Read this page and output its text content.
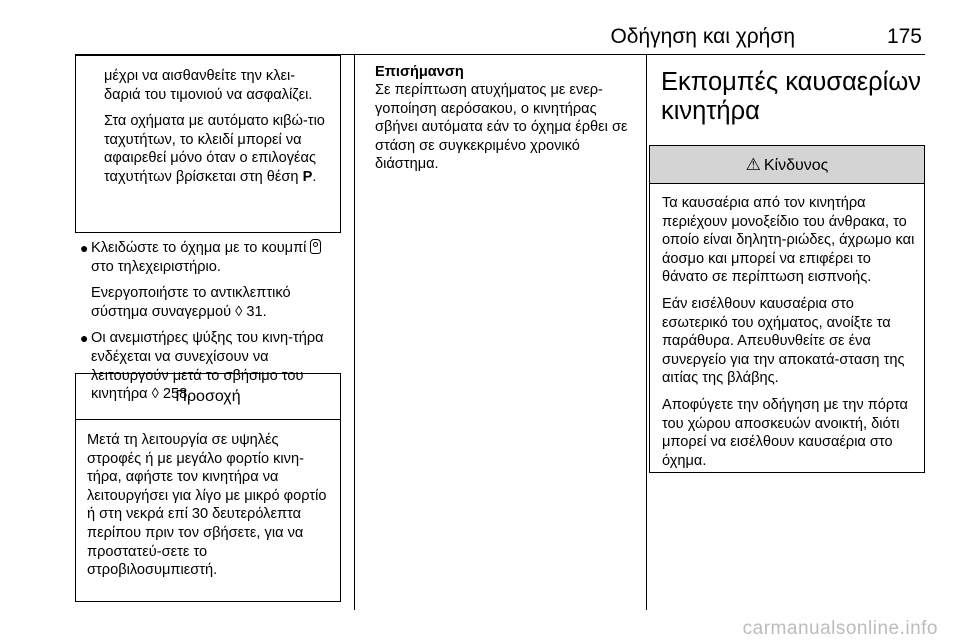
Οδήγηση και χρήση	175

μέχρι να αισθανθείτε την κλει-δαριά του τιμονιού να ασφαλίζει.

Στα οχήματα με αυτόματο κιβώ-τιο ταχυτήτων, το κλειδί μπορεί να αφαιρεθεί μόνο όταν ο επιλογέας ταχυτήτων βρίσκεται στη θέση P.

● Κλειδώστε το όχημα με το κουμπί  στο τηλεχειριστήριο.

Ενεργοποιήστε το αντικλεπτικό σύστημα συναγερμού ◊ 31.

● Οι ανεμιστήρες ψύξης του κινη-τήρα ενδέχεται να συνεχίσουν να λειτουργούν μετά το σβήσιμο του κινητήρα ◊ 258.

Προσοχή

Μετά τη λειτουργία σε υψηλές στροφές ή με μεγάλο φορτίο κινη-τήρα, αφήστε τον κινητήρα να λειτουργήσει για λίγο με μικρό φορτίο ή στη νεκρά επί 30 δευτερόλεπτα περίπου πριν τον σβήσετε, για να προστατεύ-σετε το στροβιλοσυμπιεστή.

Επισήμανση

Σε περίπτωση ατυχήματος με ενερ-γοποίηση αερόσακου, ο κινητήρας σβήνει αυτόματα εάν το όχημα έρθει σε στάση σε συγκεκριμένο χρονικό διάστημα.

Εκπομπές καυσαερίων κινητήρα
⚠ Κίνδυνος

Τα καυσαέρια από τον κινητήρα περιέχουν μονοξείδιο του άνθρακα, το οποίο είναι δηλητη-ριώδες, άχρωμο και άοσμο και μπορεί να επιφέρει το θάνατο σε περίπτωση εισπνοής.

Εάν εισέλθουν καυσαέρια στο εσωτερικό του οχήματος, ανοίξτε τα παράθυρα. Απευθυνθείτε σε ένα συνεργείο για την αποκατά-σταση της αιτίας της βλάβης.

Αποφύγετε την οδήγηση με την πόρτα του χώρου αποσκευών ανοικτή, διότι μπορεί να εισέλθουν καυσαέρια στο όχημα.

carmanualsonline.info
